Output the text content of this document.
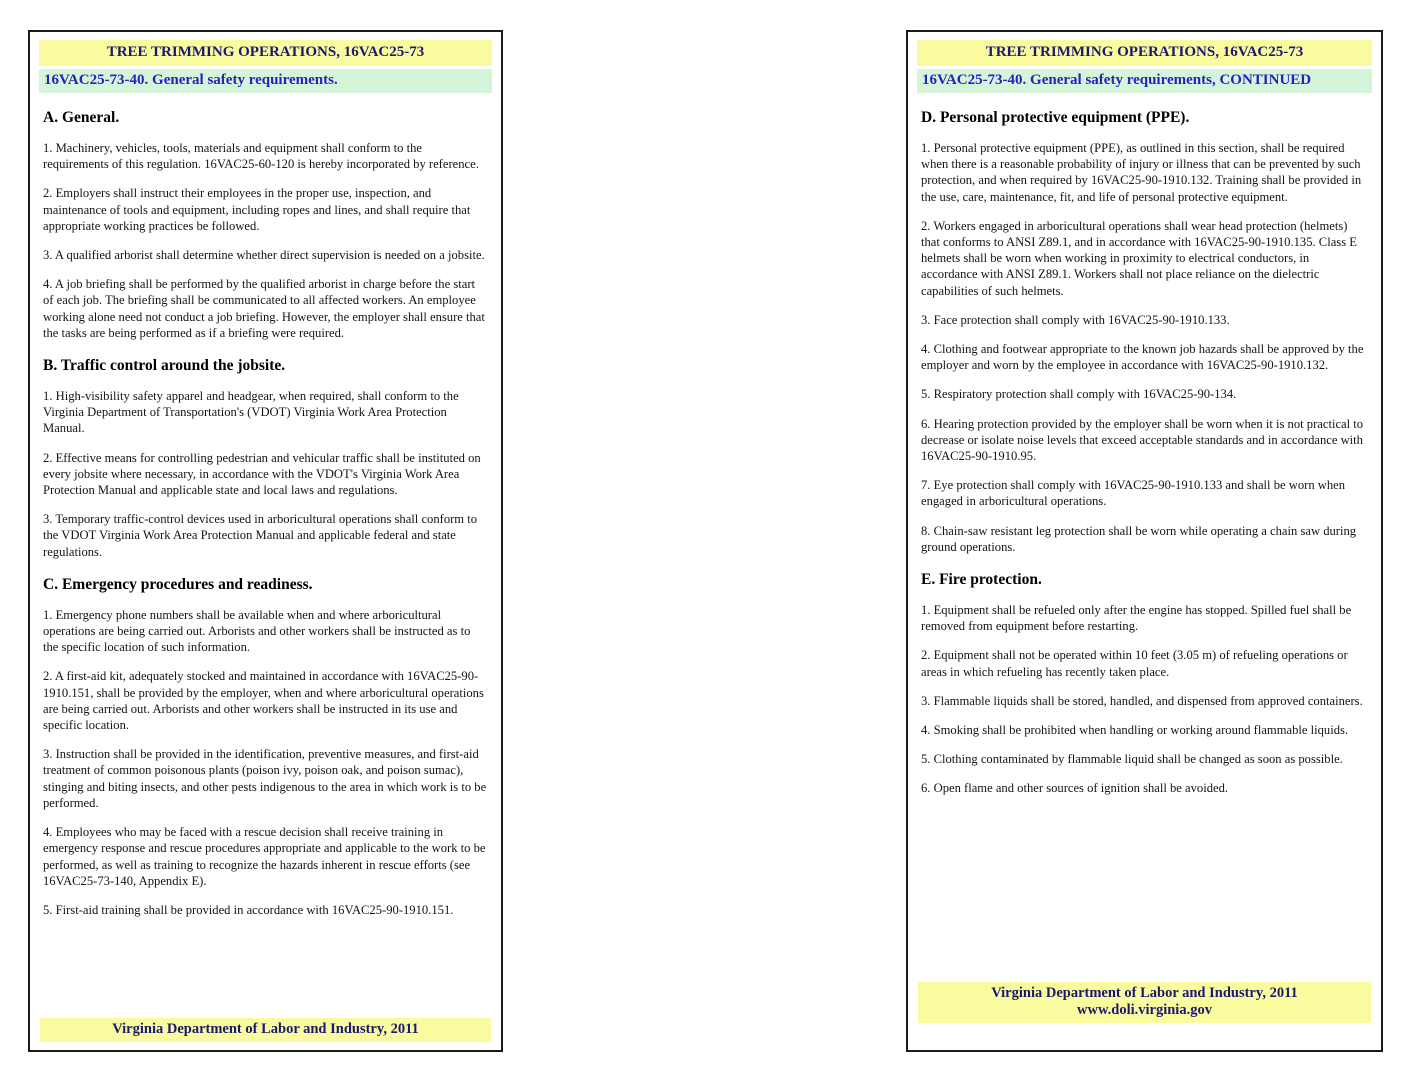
TREE TRIMMING OPERATIONS, 16VAC25-73
16VAC25-73-40. General safety requirements.
A. General.

1. Machinery, vehicles, tools, materials and equipment shall conform to the requirements of this regulation. 16VAC25-60-120 is hereby incorporated by reference.

2. Employers shall instruct their employees in the proper use, inspection, and maintenance of tools and equipment, including ropes and lines, and shall require that appropriate working practices be followed.

3. A qualified arborist shall determine whether direct supervision is needed on a jobsite.

4. A job briefing shall be performed by the qualified arborist in charge before the start of each job. The briefing shall be communicated to all affected workers. An employee working alone need not conduct a job briefing. However, the employer shall ensure that the tasks are being performed as if a briefing were required.

B. Traffic control around the jobsite.

1. High-visibility safety apparel and headgear, when required, shall conform to the Virginia Department of Transportation's (VDOT) Virginia Work Area Protection Manual.

2. Effective means for controlling pedestrian and vehicular traffic shall be instituted on every jobsite where necessary, in accordance with the VDOT's Virginia Work Area Protection Manual and applicable state and local laws and regulations.

3. Temporary traffic-control devices used in arboricultural operations shall conform to the VDOT Virginia Work Area Protection Manual and applicable federal and state regulations.

C. Emergency procedures and readiness.

1. Emergency phone numbers shall be available when and where arboricultural operations are being carried out. Arborists and other workers shall be instructed as to the specific location of such information.

2. A first-aid kit, adequately stocked and maintained in accordance with 16VAC25-90-1910.151, shall be provided by the employer, when and where arboricultural operations are being carried out. Arborists and other workers shall be instructed in its use and specific location.

3. Instruction shall be provided in the identification, preventive measures, and first-aid treatment of common poisonous plants (poison ivy, poison oak, and poison sumac), stinging and biting insects, and other pests indigenous to the area in which work is to be performed.

4. Employees who may be faced with a rescue decision shall receive training in emergency response and rescue procedures appropriate and applicable to the work to be performed, as well as training to recognize the hazards inherent in rescue efforts (see 16VAC25-73-140, Appendix E).

5. First-aid training shall be provided in accordance with 16VAC25-90-1910.151.

Virginia Department of Labor and Industry, 2011
TREE TRIMMING OPERATIONS, 16VAC25-73
16VAC25-73-40. General safety requirements, CONTINUED
D. Personal protective equipment (PPE).

1. Personal protective equipment (PPE), as outlined in this section, shall be required when there is a reasonable probability of injury or illness that can be prevented by such protection, and when required by 16VAC25-90-1910.132. Training shall be provided in the use, care, maintenance, fit, and life of personal protective equipment.

2. Workers engaged in arboricultural operations shall wear head protection (helmets) that conforms to ANSI Z89.1, and in accordance with 16VAC25-90-1910.135. Class E helmets shall be worn when working in proximity to electrical conductors, in accordance with ANSI Z89.1. Workers shall not place reliance on the dielectric capabilities of such helmets.

3. Face protection shall comply with 16VAC25-90-1910.133.

4. Clothing and footwear appropriate to the known job hazards shall be approved by the employer and worn by the employee in accordance with 16VAC25-90-1910.132.

5. Respiratory protection shall comply with 16VAC25-90-134.

6. Hearing protection provided by the employer shall be worn when it is not practical to decrease or isolate noise levels that exceed acceptable standards and in accordance with 16VAC25-90-1910.95.

7. Eye protection shall comply with 16VAC25-90-1910.133 and shall be worn when engaged in arboricultural operations.

8. Chain-saw resistant leg protection shall be worn while operating a chain saw during ground operations.

E. Fire protection.

1. Equipment shall be refueled only after the engine has stopped. Spilled fuel shall be removed from equipment before restarting.

2. Equipment shall not be operated within 10 feet (3.05 m) of refueling operations or areas in which refueling has recently taken place.

3. Flammable liquids shall be stored, handled, and dispensed from approved containers.

4. Smoking shall be prohibited when handling or working around flammable liquids.

5. Clothing contaminated by flammable liquid shall be changed as soon as possible.

6. Open flame and other sources of ignition shall be avoided.

Virginia Department of Labor and Industry, 2011
www.doli.virginia.gov
